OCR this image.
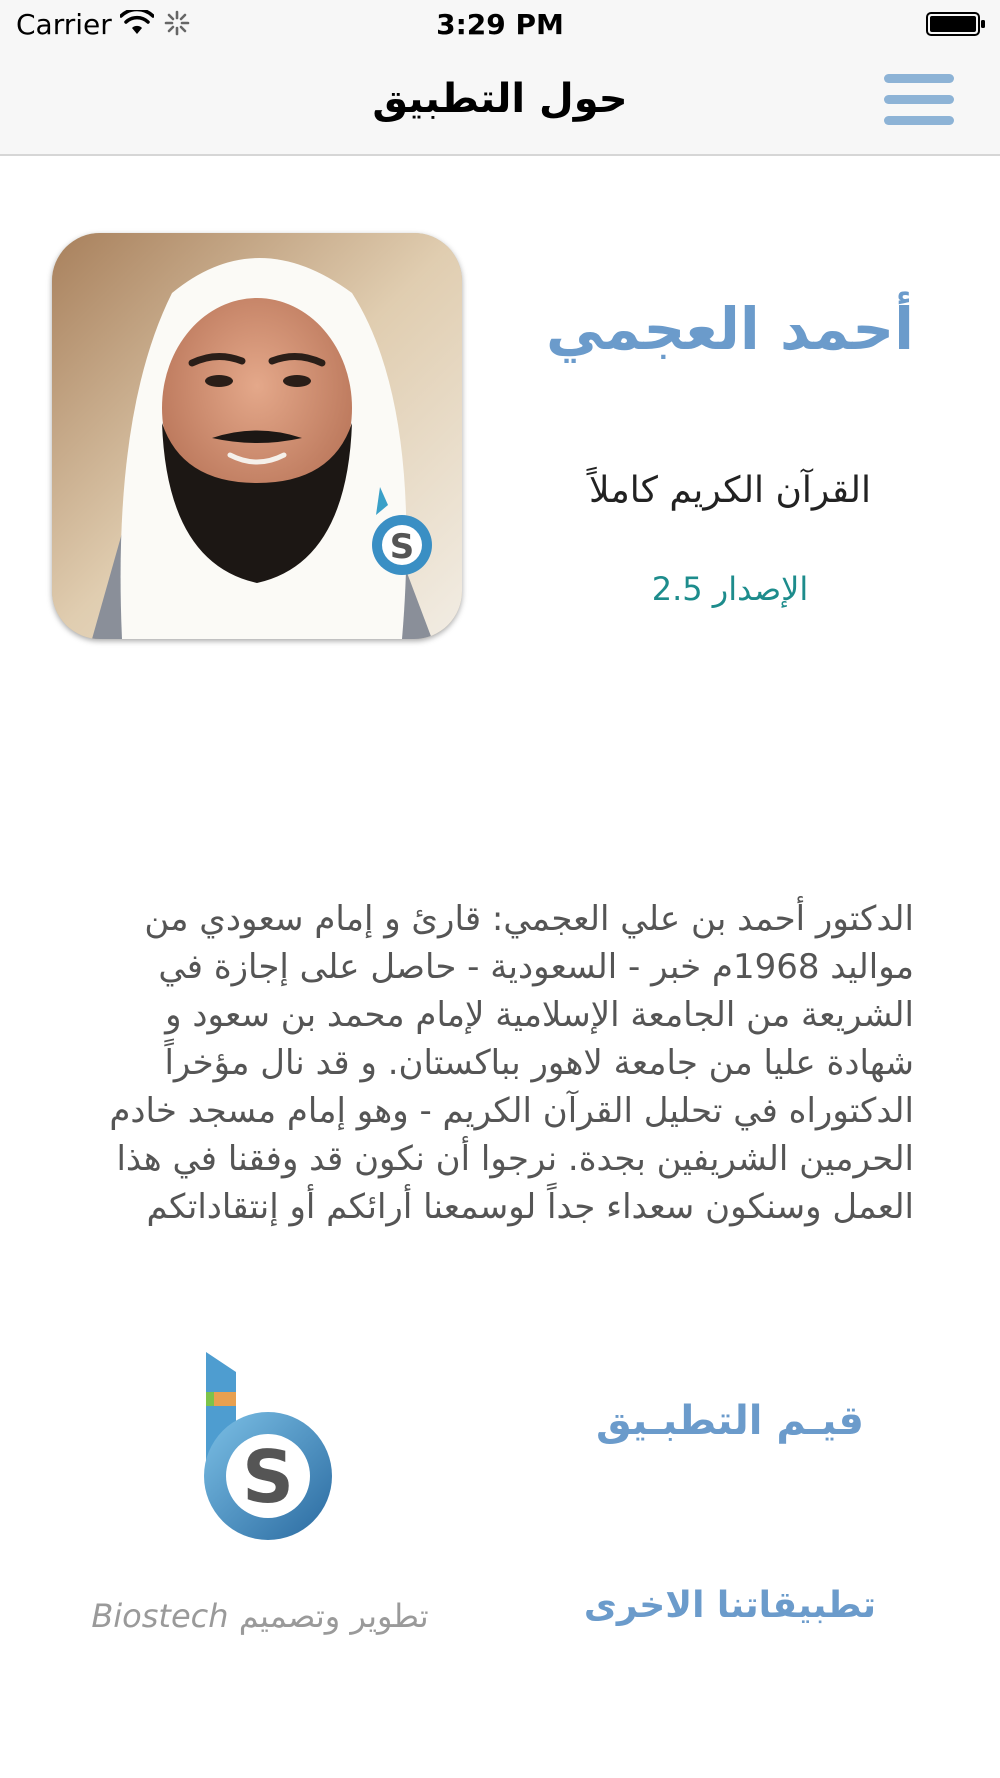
Carrier	3:29 PM
حول التطبيق
S
أحمد العجمي
القرآن الكريم كاملاً
الإصدار 2.5

الدكتور أحمد بن علي العجمي: قارئ و إمام سعودي من مواليد 1968م خبر - السعودية - حاصل على إجازة في الشريعة من الجامعة الإسلامية لإمام محمد بن سعود و شهادة عليا من جامعة لاهور بباكستان. و قد نال مؤخراً الدكتوراه في تحليل القرآن الكريم - وهو إمام مسجد خادم الحرمين الشريفين بجدة. نرجوا أن نكون قد وفقنا في هذا العمل وسنكون سعداء جداً لوسمعنا أرائكم أو إنتقاداتكم

S
تطوير وتصميم Biostech
قيـم التطبـيق
تطبيقاتنا الاخرى
